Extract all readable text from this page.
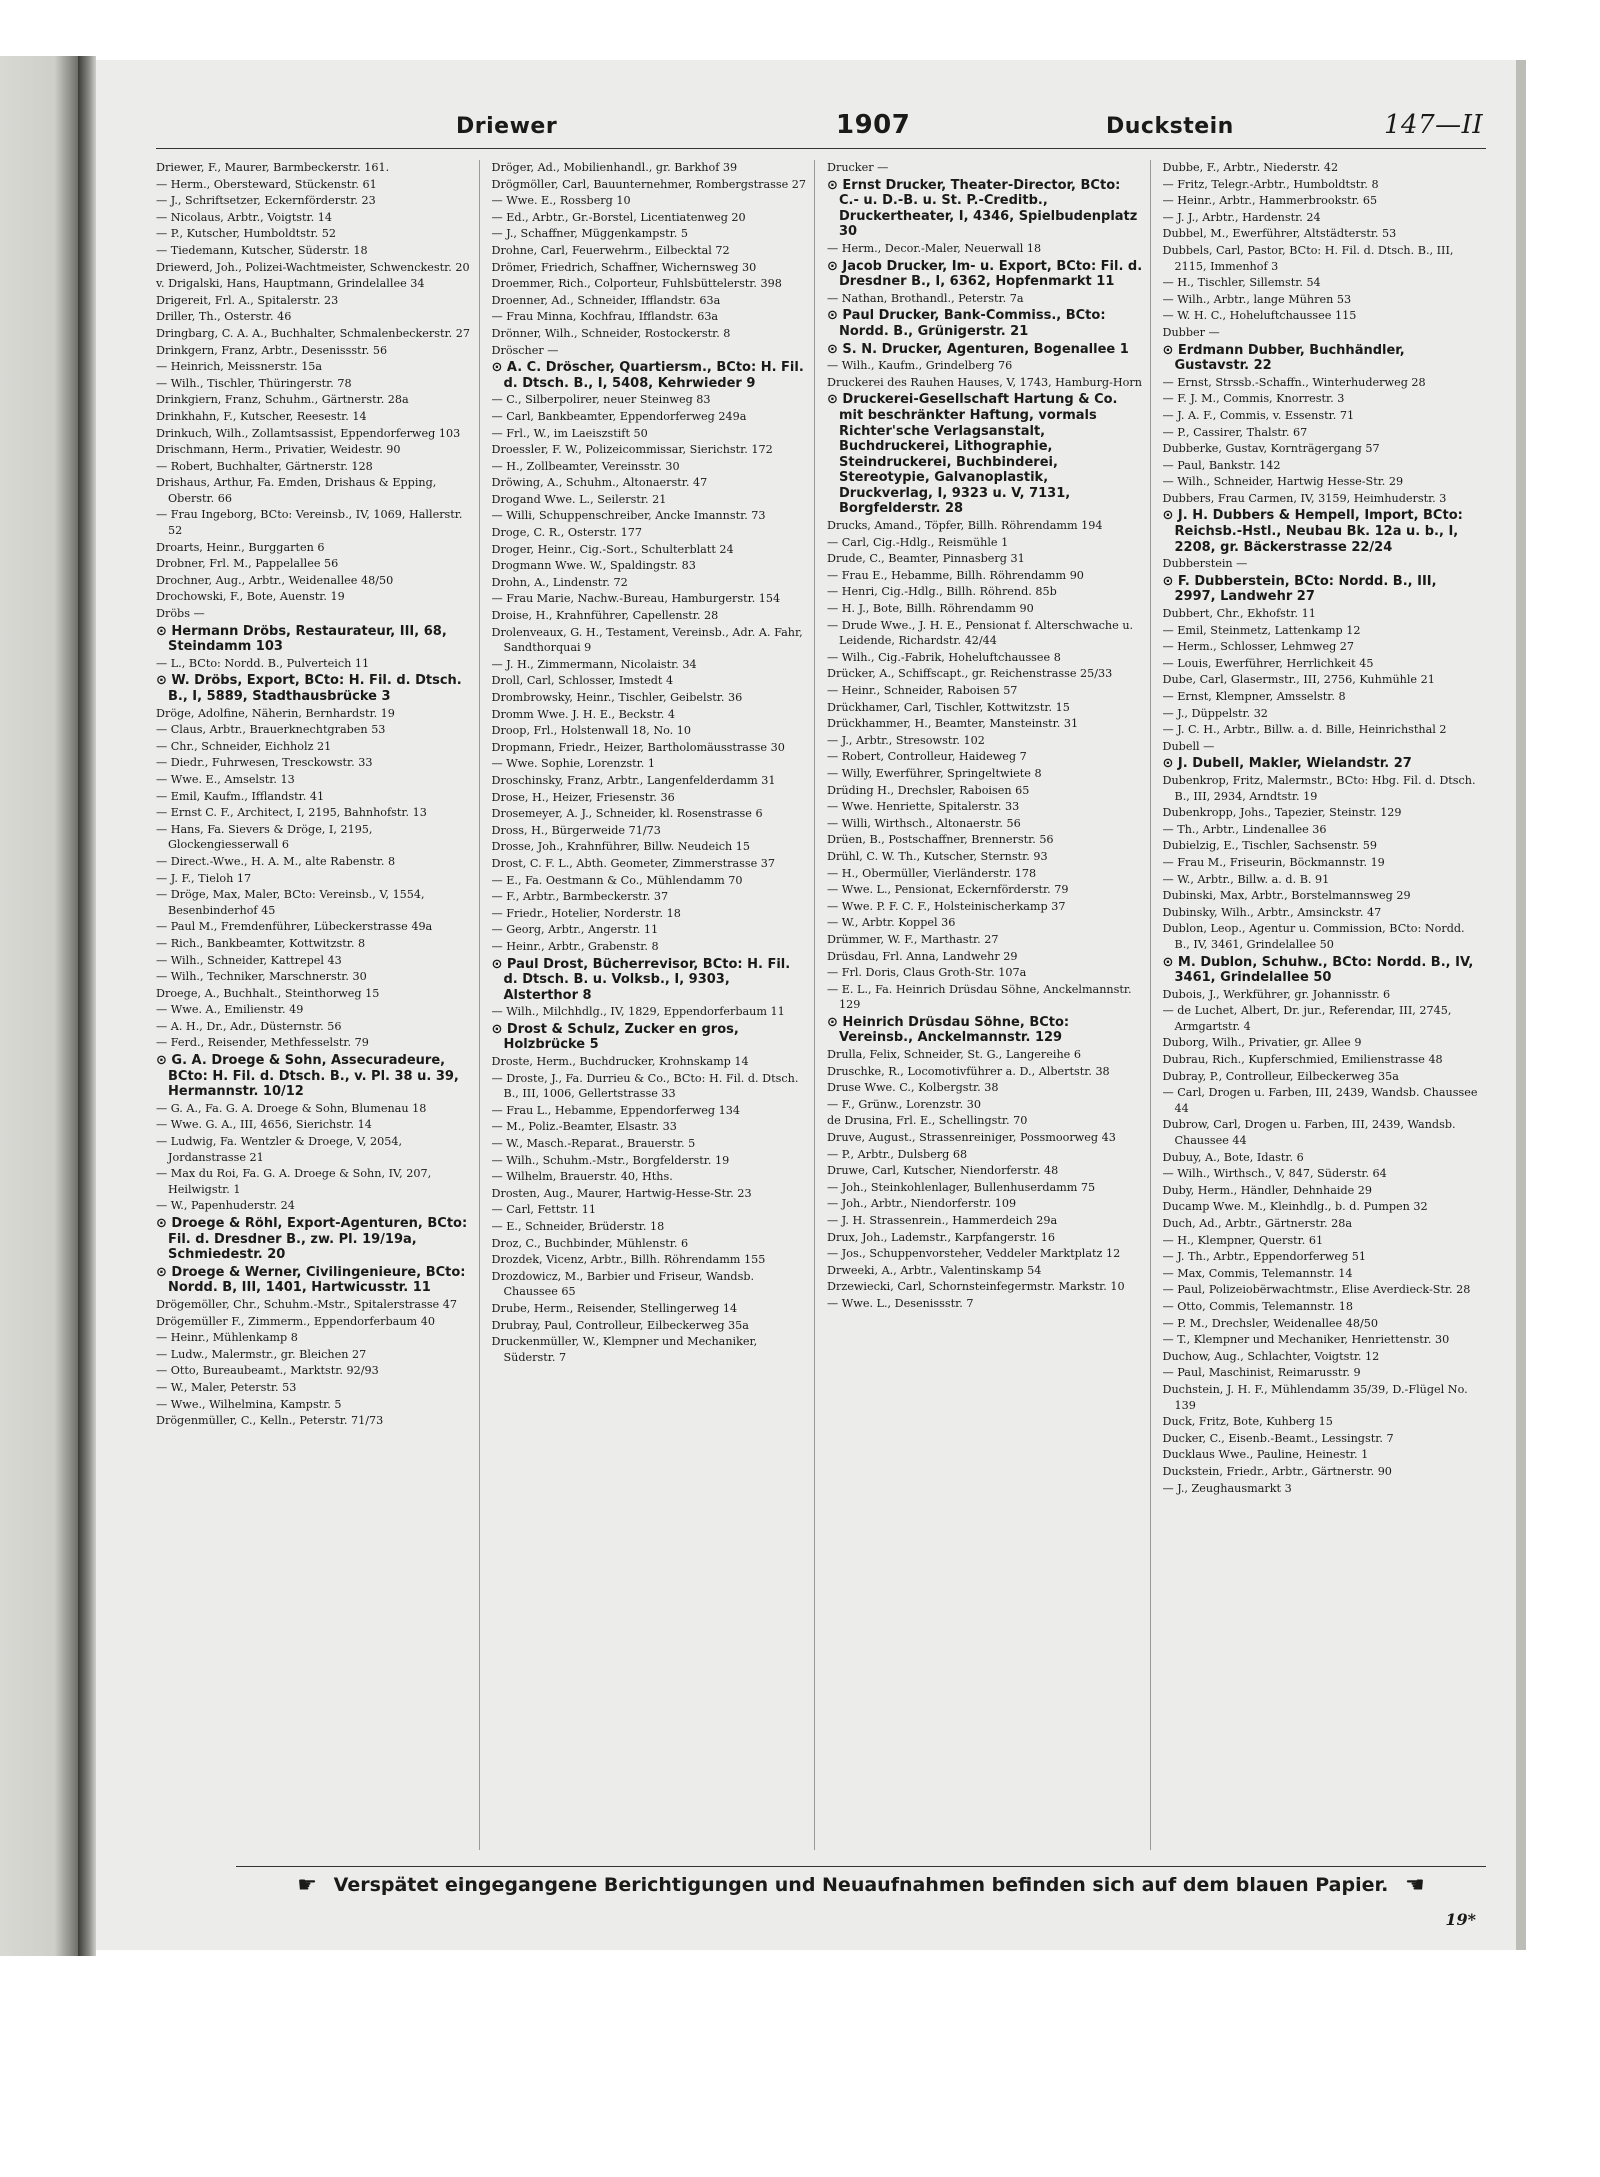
Driewer	1907	Duckstein	147—II

Driewer, F., Maurer, Barmbeckerstr. 161.

— Herm., Obersteward, Stückenstr. 61

— J., Schriftsetzer, Eckernförderstr. 23

— Nicolaus, Arbtr., Voigtstr. 14

— P., Kutscher, Humboldtstr. 52

— Tiedemann, Kutscher, Süderstr. 18

Driewerd, Joh., Polizei-Wachtmeister, Schwenckestr. 20

v. Drigalski, Hans, Hauptmann, Grindelallee 34

Drigereit, Frl. A., Spitalerstr. 23

Driller, Th., Osterstr. 46

Dringbarg, C. A. A., Buchhalter, Schmalenbeckerstr. 27

Drinkgern, Franz, Arbtr., Desenissstr. 56

— Heinrich, Meissnerstr. 15a

— Wilh., Tischler, Thüringerstr. 78

Drinkgiern, Franz, Schuhm., Gärtnerstr. 28a

Drinkhahn, F., Kutscher, Reesestr. 14

Drinkuch, Wilh., Zollamtsassist, Eppendorferweg 103

Drischmann, Herm., Privatier, Weidestr. 90

— Robert, Buchhalter, Gärtnerstr. 128

Drishaus, Arthur, Fa. Emden, Drishaus & Epping, Oberstr. 66

— Frau Ingeborg, BCto: Vereinsb., IV, 1069, Hallerstr. 52

Droarts, Heinr., Burggarten 6

Drobner, Frl. M., Pappelallee 56

Drochner, Aug., Arbtr., Weidenallee 48/50

Drochowski, F., Bote, Auenstr. 19

Dröbs —

⊙ Hermann Dröbs, Restaurateur, III, 68, Steindamm 103

— L., BCto: Nordd. B., Pulverteich 11

⊙ W. Dröbs, Export, BCto: H. Fil. d. Dtsch. B., I, 5889, Stadthausbrücke 3

Dröge, Adolfine, Näherin, Bernhardstr. 19

— Claus, Arbtr., Brauerknechtgraben 53

— Chr., Schneider, Eichholz 21

— Diedr., Fuhrwesen, Tresckowstr. 33

— Wwe. E., Amselstr. 13

— Emil, Kaufm., Ifflandstr. 41

— Ernst C. F., Architect, I, 2195, Bahnhofstr. 13

— Hans, Fa. Sievers & Dröge, I, 2195, Glockengiesserwall 6

— Direct.-Wwe., H. A. M., alte Rabenstr. 8

— J. F., Tieloh 17

— Dröge, Max, Maler, BCto: Vereinsb., V, 1554, Besenbinderhof 45

— Paul M., Fremdenführer, Lübeckerstrasse 49a

— Rich., Bankbeamter, Kottwitzstr. 8

— Wilh., Schneider, Kattrepel 43

— Wilh., Techniker, Marschnerstr. 30

Droege, A., Buchhalt., Steinthorweg 15

— Wwe. A., Emilienstr. 49

— A. H., Dr., Adr., Düsternstr. 56

— Ferd., Reisender, Methfesselstr. 79

⊙ G. A. Droege & Sohn, Assecuradeure, BCto: H. Fil. d. Dtsch. B., v. Pl. 38 u. 39, Hermannstr. 10/12

— G. A., Fa. G. A. Droege & Sohn, Blumenau 18

— Wwe. G. A., III, 4656, Sierichstr. 14

— Ludwig, Fa. Wentzler & Droege, V, 2054, Jordanstrasse 21

— Max du Roi, Fa. G. A. Droege & Sohn, IV, 207, Heilwigstr. 1

— W., Papenhuderstr. 24

⊙ Droege & Röhl, Export-Agenturen, BCto: Fil. d. Dresdner B., zw. Pl. 19/19a, Schmiedestr. 20

⊙ Droege & Werner, Civilingenieure, BCto: Nordd. B, III, 1401, Hartwicusstr. 11

Drögemöller, Chr., Schuhm.-Mstr., Spitalerstrasse 47

Drögemüller F., Zimmerm., Eppendorferbaum 40

— Heinr., Mühlenkamp 8

— Ludw., Malermstr., gr. Bleichen 27

— Otto, Bureaubeamt., Marktstr. 92/93

— W., Maler, Peterstr. 53

— Wwe., Wilhelmina, Kampstr. 5

Drögenmüller, C., Kelln., Peterstr. 71/73

Dröger, Ad., Mobilienhandl., gr. Barkhof 39

Drögmöller, Carl, Bauunternehmer, Rombergstrasse 27

— Wwe. E., Rossberg 10

— Ed., Arbtr., Gr.-Borstel, Licentiatenweg 20

— J., Schaffner, Müggenkampstr. 5

Drohne, Carl, Feuerwehrm., Eilbecktal 72

Drömer, Friedrich, Schaffner, Wichernsweg 30

Droemmer, Rich., Colporteur, Fuhlsbüttelerstr. 398

Droenner, Ad., Schneider, Ifflandstr. 63a

— Frau Minna, Kochfrau, Ifflandstr. 63a

Drönner, Wilh., Schneider, Rostockerstr. 8

Dröscher —

⊙ A. C. Dröscher, Quartiersm., BCto: H. Fil. d. Dtsch. B., I, 5408, Kehrwieder 9

— C., Silberpolirer, neuer Steinweg 83

— Carl, Bankbeamter, Eppendorferweg 249a

— Frl., W., im Laeiszstift 50

Droessler, F. W., Polizeicommissar, Sierichstr. 172

— H., Zollbeamter, Vereinsstr. 30

Dröwing, A., Schuhm., Altonaerstr. 47

Drogand Wwe. L., Seilerstr. 21

— Willi, Schuppenschreiber, Ancke Imannstr. 73

Droge, C. R., Osterstr. 177

Droger, Heinr., Cig.-Sort., Schulterblatt 24

Drogmann Wwe. W., Spaldingstr. 83

Drohn, A., Lindenstr. 72

— Frau Marie, Nachw.-Bureau, Hamburgerstr. 154

Droise, H., Krahnführer, Capellenstr. 28

Drolenveaux, G. H., Testament, Vereinsb., Adr. A. Fahr, Sandthorquai 9

— J. H., Zimmermann, Nicolaistr. 34

Droll, Carl, Schlosser, Imstedt 4

Drombrowsky, Heinr., Tischler, Geibelstr. 36

Dromm Wwe. J. H. E., Beckstr. 4

Droop, Frl., Holstenwall 18, No. 10

Dropmann, Friedr., Heizer, Bartholomäusstrasse 30

— Wwe. Sophie, Lorenzstr. 1

Droschinsky, Franz, Arbtr., Langenfelderdamm 31

Drose, H., Heizer, Friesenstr. 36

Drosemeyer, A. J., Schneider, kl. Rosenstrasse 6

Dross, H., Bürgerweide 71/73

Drosse, Joh., Krahnführer, Billw. Neudeich 15

Drost, C. F. L., Abth. Geometer, Zimmerstrasse 37

— E., Fa. Oestmann & Co., Mühlendamm 70

— F., Arbtr., Barmbeckerstr. 37

— Friedr., Hotelier, Norderstr. 18

— Georg, Arbtr., Angerstr. 11

— Heinr., Arbtr., Grabenstr. 8

⊙ Paul Drost, Bücherrevisor, BCto: H. Fil. d. Dtsch. B. u. Volksb., I, 9303, Alsterthor 8

— Wilh., Milchhdlg., IV, 1829, Eppendorferbaum 11

⊙ Drost & Schulz, Zucker en gros, Holzbrücke 5

Droste, Herm., Buchdrucker, Krohnskamp 14

— Droste, J., Fa. Durrieu & Co., BCto: H. Fil. d. Dtsch. B., III, 1006, Gellertstrasse 33

— Frau L., Hebamme, Eppendorferweg 134

— M., Poliz.-Beamter, Elsastr. 33

— W., Masch.-Reparat., Brauerstr. 5

— Wilh., Schuhm.-Mstr., Borgfelderstr. 19

— Wilhelm, Brauerstr. 40, Hths.

Drosten, Aug., Maurer, Hartwig-Hesse-Str. 23

— Carl, Fettstr. 11

— E., Schneider, Brüderstr. 18

Droz, C., Buchbinder, Mühlenstr. 6

Drozdek, Vicenz, Arbtr., Billh. Röhrendamm 155

Drozdowicz, M., Barbier und Friseur, Wandsb. Chaussee 65

Drube, Herm., Reisender, Stellingerweg 14

Drubray, Paul, Controlleur, Eilbeckerweg 35a

Druckenmüller, W., Klempner und Mechaniker, Süderstr. 7

Drucker —

⊙ Ernst Drucker, Theater-Director, BCto: C.- u. D.-B. u. St. P.-Creditb., Druckertheater, I, 4346, Spielbudenplatz 30

— Herm., Decor.-Maler, Neuerwall 18

⊙ Jacob Drucker, Im- u. Export, BCto: Fil. d. Dresdner B., I, 6362, Hopfenmarkt 11

— Nathan, Brothandl., Peterstr. 7a

⊙ Paul Drucker, Bank-Commiss., BCto: Nordd. B., Grünigerstr. 21

⊙ S. N. Drucker, Agenturen, Bogenallee 1

— Wilh., Kaufm., Grindelberg 76

Druckerei des Rauhen Hauses, V, 1743, Hamburg-Horn

⊙ Druckerei-Gesellschaft Hartung & Co. mit beschränkter Haftung, vormals Richter'sche Verlagsanstalt, Buchdruckerei, Lithographie, Steindruckerei, Buchbinderei, Stereotypie, Galvanoplastik, Druckverlag, I, 9323 u. V, 7131, Borgfelderstr. 28

Drucks, Amand., Töpfer, Billh. Röhrendamm 194

— Carl, Cig.-Hdlg., Reismühle 1

Drude, C., Beamter, Pinnasberg 31

— Frau E., Hebamme, Billh. Röhrendamm 90

— Henri, Cig.-Hdlg., Billh. Röhrend. 85b

— H. J., Bote, Billh. Röhrendamm 90

— Drude Wwe., J. H. E., Pensionat f. Alterschwache u. Leidende, Richardstr. 42/44

— Wilh., Cig.-Fabrik, Hoheluftchaussee 8

Drücker, A., Schiffscapt., gr. Reichenstrasse 25/33

— Heinr., Schneider, Raboisen 57

Drückhamer, Carl, Tischler, Kottwitzstr. 15

Drückhammer, H., Beamter, Mansteinstr. 31

— J., Arbtr., Stresowstr. 102

— Robert, Controlleur, Haideweg 7

— Willy, Ewerführer, Springeltwiete 8

Drüding H., Drechsler, Raboisen 65

— Wwe. Henriette, Spitalerstr. 33

— Willi, Wirthsch., Altonaerstr. 56

Drüen, B., Postschaffner, Brennerstr. 56

Drühl, C. W. Th., Kutscher, Sternstr. 93

— H., Obermüller, Vierländerstr. 178

— Wwe. L., Pensionat, Eckernförderstr. 79

— Wwe. P. F. C. F., Holsteinischerkamp 37

— W., Arbtr. Koppel 36

Drümmer, W. F., Marthastr. 27

Drüsdau, Frl. Anna, Landwehr 29

— Frl. Doris, Claus Groth-Str. 107a

— E. L., Fa. Heinrich Drüsdau Söhne, Anckelmannstr. 129

⊙ Heinrich Drüsdau Söhne, BCto: Vereinsb., Anckelmannstr. 129

Drulla, Felix, Schneider, St. G., Langereihe 6

Druschke, R., Locomotivführer a. D., Albertstr. 38

Druse Wwe. C., Kolbergstr. 38

— F., Grünw., Lorenzstr. 30

de Drusina, Frl. E., Schellingstr. 70

Druve, August., Strassenreiniger, Possmoorweg 43

— P., Arbtr., Dulsberg 68

Druwe, Carl, Kutscher, Niendorferstr. 48

— Joh., Steinkohlenlager, Bullenhuserdamm 75

— Joh., Arbtr., Niendorferstr. 109

— J. H. Strassenrein., Hammerdeich 29a

Drux, Joh., Lademstr., Karpfangerstr. 16

— Jos., Schuppenvorsteher, Veddeler Marktplatz 12

Drweeki, A., Arbtr., Valentinskamp 54

Drzewiecki, Carl, Schornsteinfegermstr. Markstr. 10

— Wwe. L., Desenissstr. 7

Dubbe, F., Arbtr., Niederstr. 42

— Fritz, Telegr.-Arbtr., Humboldtstr. 8

— Heinr., Arbtr., Hammerbrookstr. 65

— J. J., Arbtr., Hardenstr. 24

Dubbel, M., Ewerführer, Altstädterstr. 53

Dubbels, Carl, Pastor, BCto: H. Fil. d. Dtsch. B., III, 2115, Immenhof 3

— H., Tischler, Sillemstr. 54

— Wilh., Arbtr., lange Mühren 53

— W. H. C., Hoheluftchaussee 115

Dubber —

⊙ Erdmann Dubber, Buchhändler, Gustavstr. 22

— Ernst, Strssb.-Schaffn., Winterhuderweg 28

— F. J. M., Commis, Knorrestr. 3

— J. A. F., Commis, v. Essenstr. 71

— P., Cassirer, Thalstr. 67

Dubberke, Gustav, Kornträgergang 57

— Paul, Bankstr. 142

— Wilh., Schneider, Hartwig Hesse-Str. 29

Dubbers, Frau Carmen, IV, 3159, Heimhuderstr. 3

⊙ J. H. Dubbers & Hempell, Import, BCto: Reichsb.-Hstl., Neubau Bk. 12a u. b., I, 2208, gr. Bäckerstrasse 22/24

Dubberstein —

⊙ F. Dubberstein, BCto: Nordd. B., III, 2997, Landwehr 27

Dubbert, Chr., Ekhofstr. 11

— Emil, Steinmetz, Lattenkamp 12

— Herm., Schlosser, Lehmweg 27

— Louis, Ewerführer, Herrlichkeit 45

Dube, Carl, Glasermstr., III, 2756, Kuhmühle 21

— Ernst, Klempner, Amsselstr. 8

— J., Düppelstr. 32

— J. C. H., Arbtr., Billw. a. d. Bille, Heinrichsthal 2

Dubell —

⊙ J. Dubell, Makler, Wielandstr. 27

Dubenkrop, Fritz, Malermstr., BCto: Hbg. Fil. d. Dtsch. B., III, 2934, Arndtstr. 19

Dubenkropp, Johs., Tapezier, Steinstr. 129

— Th., Arbtr., Lindenallee 36

Dubielzig, E., Tischler, Sachsenstr. 59

— Frau M., Friseurin, Böckmannstr. 19

— W., Arbtr., Billw. a. d. B. 91

Dubinski, Max, Arbtr., Borstelmannsweg 29

Dubinsky, Wilh., Arbtr., Amsinckstr. 47

Dublon, Leop., Agentur u. Commission, BCto: Nordd. B., IV, 3461, Grindelallee 50

⊙ M. Dublon, Schuhw., BCto: Nordd. B., IV, 3461, Grindelallee 50

Dubois, J., Werkführer, gr. Johannisstr. 6

— de Luchet, Albert, Dr. jur., Referendar, III, 2745, Armgartstr. 4

Duborg, Wilh., Privatier, gr. Allee 9

Dubrau, Rich., Kupferschmied, Emilienstrasse 48

Dubray, P., Controlleur, Eilbeckerweg 35a

— Carl, Drogen u. Farben, III, 2439, Wandsb. Chaussee 44

Dubrow, Carl, Drogen u. Farben, III, 2439, Wandsb. Chaussee 44

Dubuy, A., Bote, Idastr. 6

— Wilh., Wirthsch., V, 847, Süderstr. 64

Duby, Herm., Händler, Dehnhaide 29

Ducamp Wwe. M., Kleinhdlg., b. d. Pumpen 32

Duch, Ad., Arbtr., Gärtnerstr. 28a

— H., Klempner, Querstr. 61

— J. Th., Arbtr., Eppendorferweg 51

— Max, Commis, Telemannstr. 14

— Paul, Polizeiobërwachtmstr., Elise Averdieck-Str. 28

— Otto, Commis, Telemannstr. 18

— P. M., Drechsler, Weidenallee 48/50

— T., Klempner und Mechaniker, Henriettenstr. 30

Duchow, Aug., Schlachter, Voigtstr. 12

— Paul, Maschinist, Reimarusstr. 9

Duchstein, J. H. F., Mühlendamm 35/39, D.-Flügel No. 139

Duck, Fritz, Bote, Kuhberg 15

Ducker, C., Eisenb.-Beamt., Lessingstr. 7

Ducklaus Wwe., Pauline, Heinestr. 1

Duckstein, Friedr., Arbtr., Gärtnerstr. 90

— J., Zeughausmarkt 3

☛ Verspätet eingegangene Berichtigungen und Neuaufnahmen befinden sich auf dem blauen Papier. ☚
19*
